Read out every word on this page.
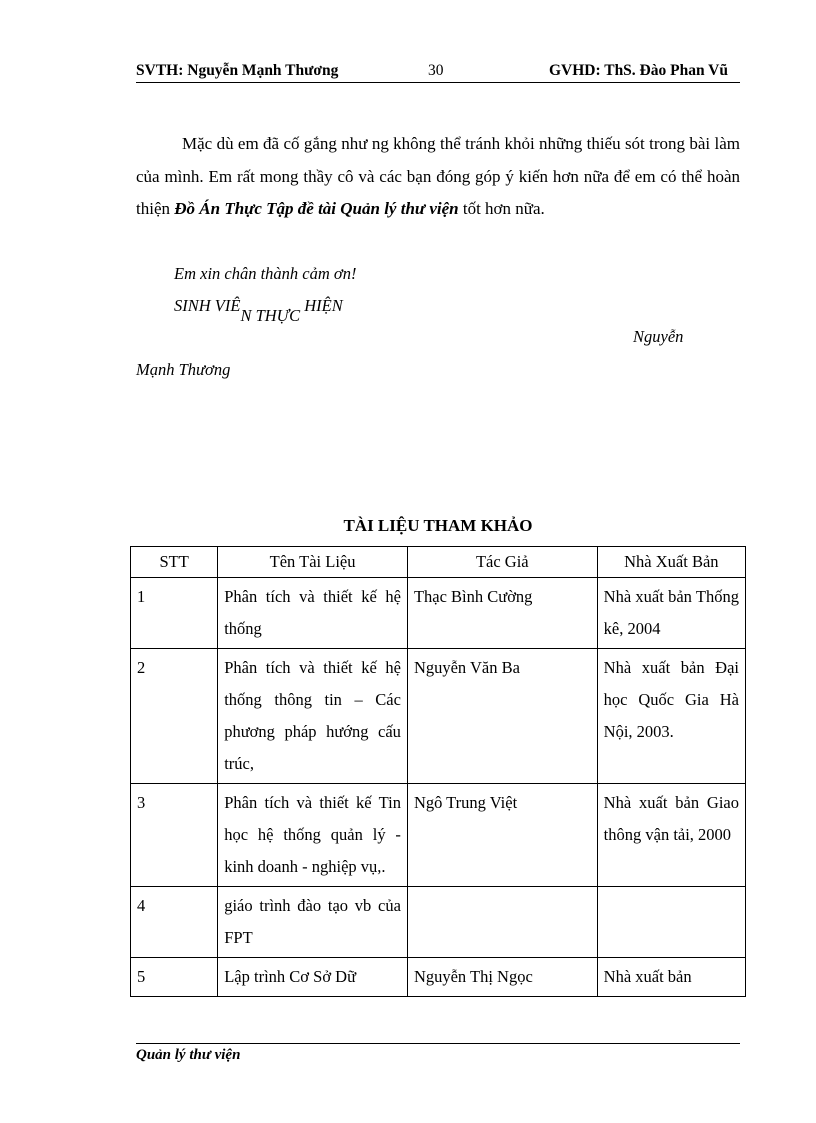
SVTH: Nguyễn Mạnh Thương	30	GVHD: ThS. Đào Phan Vũ
Mặc dù em đã cố gắng như ng không thể tránh khỏi những thiếu sót trong bài làm của mình. Em rất mong thầy cô và các bạn đóng góp ý kiến hơn nữa để em có thể hoàn thiện Đồ Án Thực Tập đề tài Quản lý thư viện tốt hơn nữa.
Em xin chân thành cảm ơn!
SINH VIÊN THỰC HIỆN
Nguyễn
Mạnh Thương
TÀI LIỆU THAM KHẢO
STT	Tên Tài Liệu	Tác Giả	Nhà Xuất Bản
1	Phân tích và thiết kế hệ thống	Thạc Bình Cường	Nhà xuất bản Thống kê, 2004
2	Phân tích và thiết kế hệ thống thông tin – Các phương pháp hướng cấu trúc,	Nguyễn Văn Ba	Nhà xuất bản Đại học Quốc Gia Hà Nội, 2003.
3	Phân tích và thiết kế Tin học hệ thống quản lý - kinh doanh - nghiệp vụ,.	Ngô Trung Việt	Nhà xuất bản Giao thông vận tải, 2000
4	giáo trình đào tạo vb của FPT		
5	Lập trình Cơ Sở Dữ	Nguyễn Thị Ngọc	Nhà xuất bản
Quản lý thư viện
